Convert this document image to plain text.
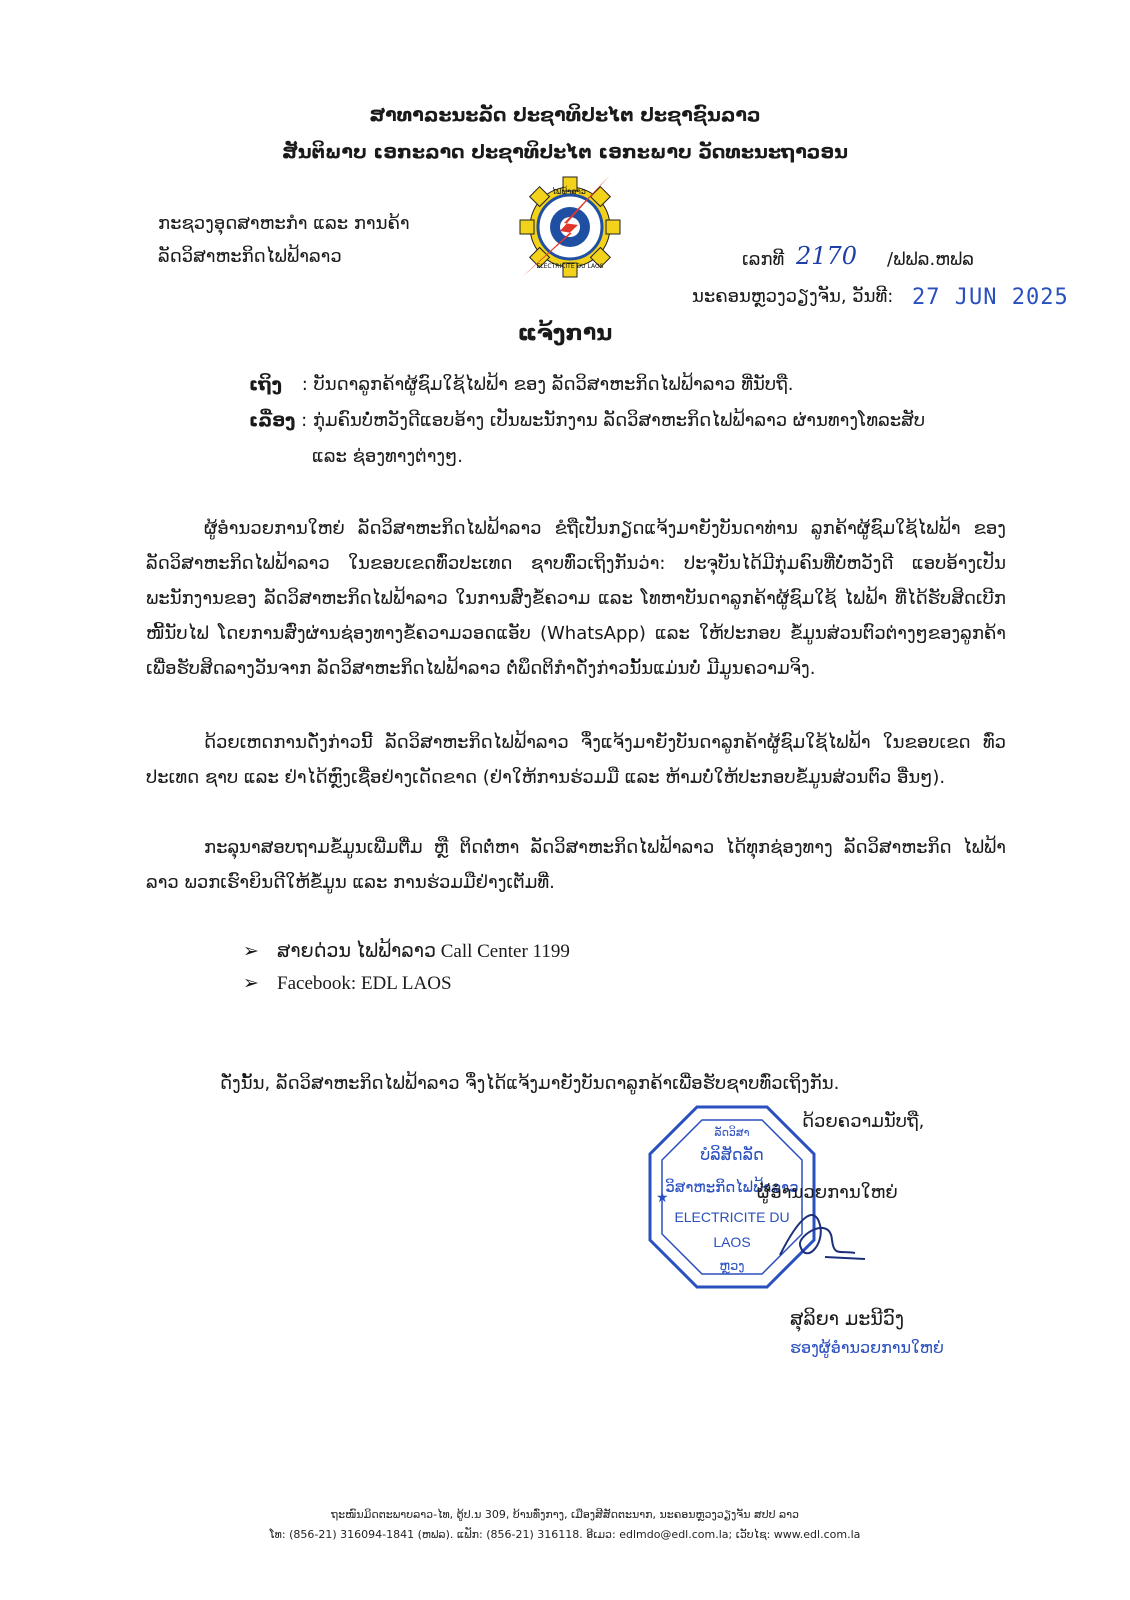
ສາທາລະນະລັດ ປະຊາທິປະໄຕ ປະຊາຊົນລາວ
ສັນຕິພາບ ເອກະລາດ ປະຊາທິປະໄຕ ເອກະພາບ ວັດທະນະຖາວອນ
ກະຊວງອຸດສາຫະກໍາ ແລະ ການຄ້າ
ລັດວິສາຫະກິດໄຟຟ້າລາວ
ໄຟຟ້າລາວ
ELECTRICITE DU LAOS	ເລກທີ 2170 /ຟຟລ.ຫຟລ
ນະຄອນຫຼວງວຽງຈັນ, ວັນທີ: 27 JUN 2025
ແຈ້ງການ
ເຖິງ : ບັນດາລູກຄ້າຜູ້ຊົມໃຊ້ໄຟຟ້າ ຂອງ ລັດວິສາຫະກິດໄຟຟ້າລາວ ທີ່ນັບຖື.
ເລື່ອງ : ກຸ່ມຄົນບໍ່ຫວັງດີແອບອ້າງ ເປັນພະນັກງານ ລັດວິສາຫະກິດໄຟຟ້າລາວ ຜ່ານທາງໂທລະສັບ
ແລະ ຊ່ອງທາງຕ່າງໆ.
ຜູ້ອໍານວຍການໃຫຍ່ ລັດວິສາຫະກິດໄຟຟ້າລາວ ຂໍຖືເປັນກຽດແຈ້ງມາຍັງບັນດາທ່ານ ລູກຄ້າຜູ້ຊົມໃຊ້ໄຟຟ້າ ຂອງ ລັດວິສາຫະກິດໄຟຟ້າລາວ ໃນຂອບເຂດທົ່ວປະເທດ ຊາບທົ່ວເຖິງກັນວ່າ: ປະຈຸບັນໄດ້ມີກຸ່ມຄົນທີ່ບໍ່ຫວັງດີ ແອບອ້າງເປັນພະນັກງານຂອງ ລັດວິສາຫະກິດໄຟຟ້າລາວ ໃນການສົ່ງຂໍ້ຄວາມ ແລະ ໂທຫາບັນດາລູກຄ້າຜູ້ຊົມໃຊ້ ໄຟຟ້າ ທີ່ໄດ້ຮັບສິດເບີກໜີ້ນັບໄຟ ໂດຍການສົ່ງຜ່ານຊ່ອງທາງຂໍ້ຄວາມວອດແອັບ (WhatsApp) ແລະ ໃຫ້ປະກອບ ຂໍ້ມູນສ່ວນຕົວຕ່າງໆຂອງລູກຄ້າ ເພື່ອຮັບສິດລາງວັນຈາກ ລັດວິສາຫະກິດໄຟຟ້າລາວ ຕໍ່ພຶດຕິກໍາດັ່ງກ່າວນັ້ນແມ່ນບໍ່ ມີມູນຄວາມຈິງ.
ດ້ວຍເຫດການດັ່ງກ່າວນີ້ ລັດວິສາຫະກິດໄຟຟ້າລາວ ຈຶ່ງແຈ້ງມາຍັງບັນດາລູກຄ້າຜູ້ຊົມໃຊ້ໄຟຟ້າ ໃນຂອບເຂດ ທົ່ວປະເທດ ຊາບ ແລະ ຢ່າໄດ້ຫຼົງເຊື່ອຢ່າງເດັດຂາດ (ຢ່າໃຫ້ການຮ່ວມມື ແລະ ຫ້າມບໍ່ໃຫ້ປະກອບຂໍ້ມູນສ່ວນຕົວ ອື່ນໆ).
ກະລຸນາສອບຖາມຂໍ້ມູນເພີ່ມຕື່ມ ຫຼື ຕິດຕໍ່ຫາ ລັດວິສາຫະກິດໄຟຟ້າລາວ ໄດ້ທຸກຊ່ອງທາງ ລັດວິສາຫະກິດ ໄຟຟ້າລາວ ພວກເຮົາຍິນດີໃຫ້ຂໍ້ມູນ ແລະ ການຮ່ວມມືຢ່າງເຕັມທີ່.
➢ ສາຍດ່ວນ ໄຟຟ້າລາວ Call Center 1199
➢ Facebook: EDL LAOS
ດັ່ງນັ້ນ, ລັດວິສາຫະກິດໄຟຟ້າລາວ ຈຶ່ງໄດ້ແຈ້ງມາຍັງບັນດາລູກຄ້າເພື່ອຮັບຊາບທົ່ວເຖິງກັນ.
ລັດວິສາ
ບໍລິສັດລັດ
ວິສາຫະກິດໄຟຟ້າລາວ
ELECTRICITE DU
LAOS
ຫຼວງ
★
ດ້ວຍຄວາມນັບຖື,
ຜູ້ອໍານວຍການໃຫຍ່
ສຸລິຍາ ມະນີວົງ
ຮອງຜູ້ອໍານວຍການໃຫຍ່
ຖະໜົນມິດຕະພາບລາວ-ໄທ, ຕູ້ປ.ນ 309, ບ້ານທົ່ງກາງ, ເມືອງສີສັດຕະນາກ, ນະຄອນຫຼວງວຽງຈັນ ສປປ ລາວ
ໂທ: (856-21) 316094-1841 (ຫຟລ). ແຟັກ: (856-21) 316118. ອີເມວ: edlmdo@edl.com.la; ເວັບໄຊ: www.edl.com.la
